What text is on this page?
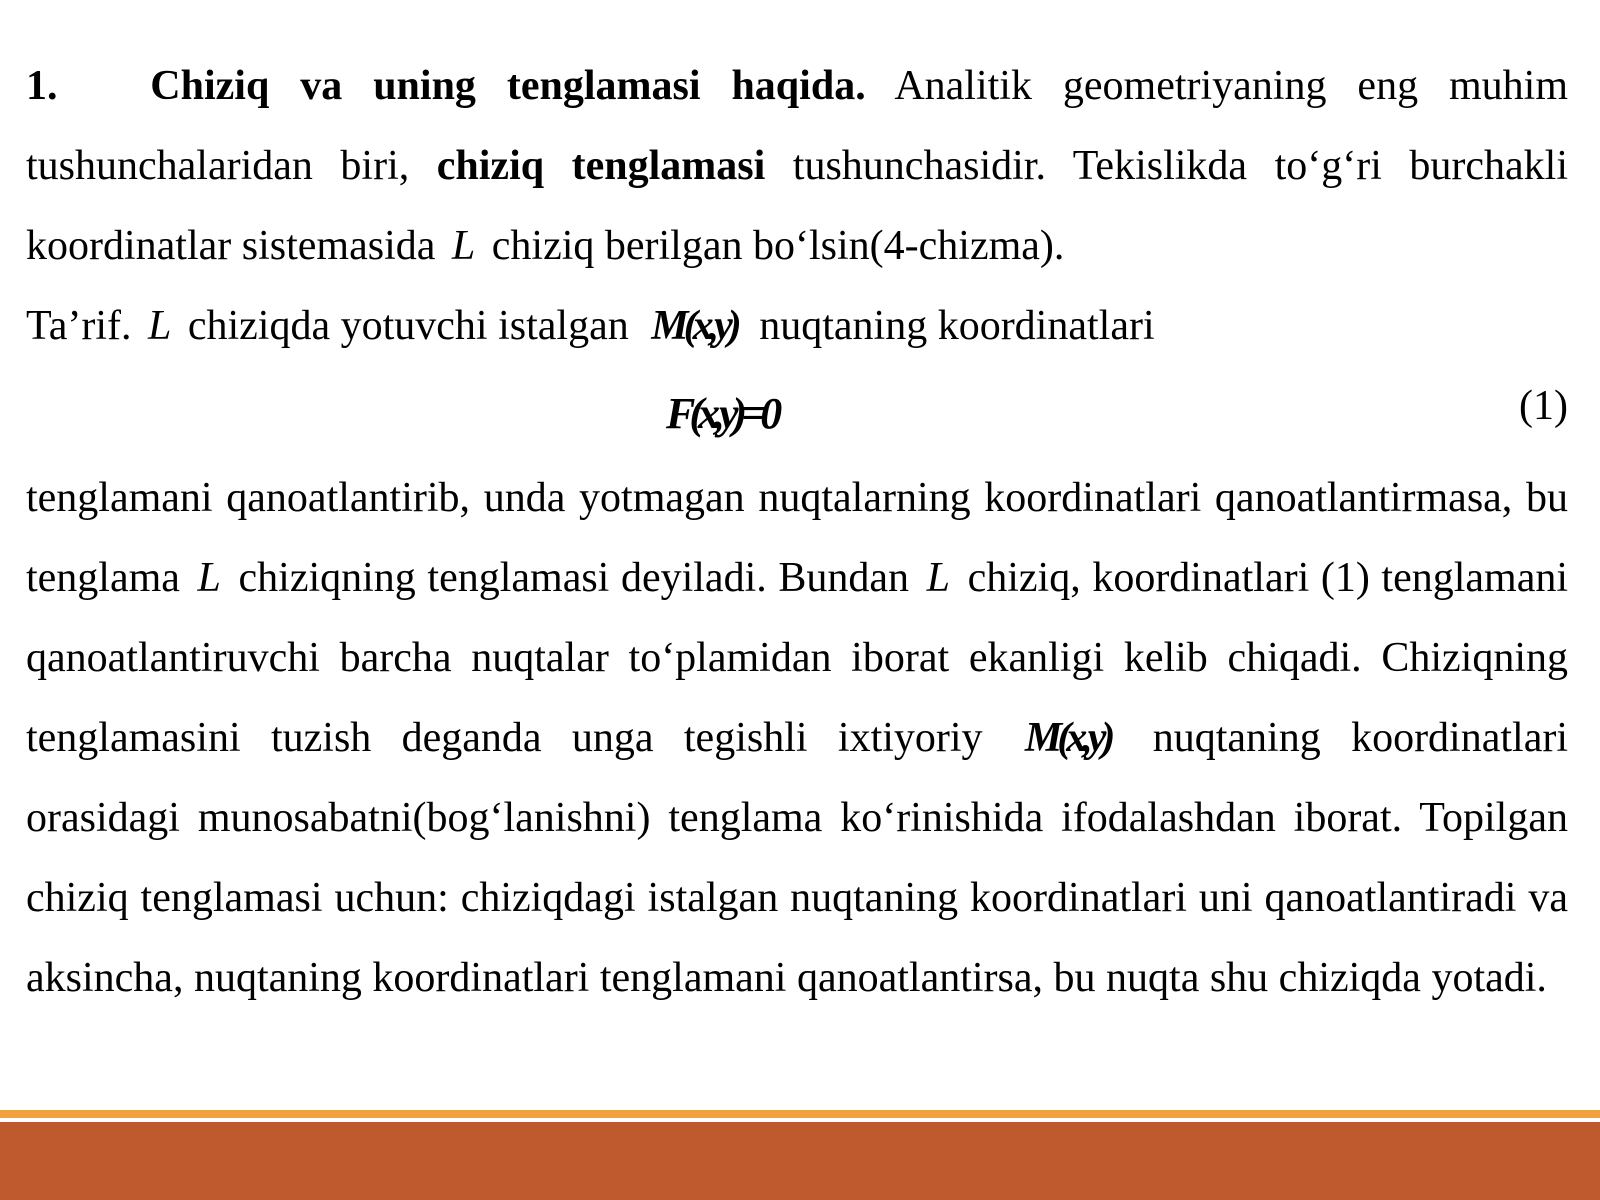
1. Chiziq va uning tenglamasi haqida. Analitik geometriyaning eng muhim tushunchalaridan biri, chiziq tenglamasi tushunchasidir. Tekislikda to‘g‘ri burchakli koordinatlar sistemasida L chiziq berilgan bo‘lsin(4-chizma).

Ta’rif. L chiziqda yotuvchi istalgan M(x,y) nuqtaning koordinatlari

F(x,y)=0	(1)

tenglamani qanoatlantirib, unda yotmagan nuqtalarning koordinatlari qanoatlantirmasa, bu tenglama L chiziqning tenglamasi deyiladi. Bundan L chiziq, koordinatlari (1) tenglamani qanoatlantiruvchi barcha nuqtalar to‘plamidan iborat ekanligi kelib chiqadi. Chiziqning tenglamasini tuzish deganda unga tegishli ixtiyoriy M(x,y) nuqtaning koordinatlari orasidagi munosabatni(bog‘lanishni) tenglama ko‘rinishida ifodalashdan iborat. Topilgan chiziq tenglamasi uchun: chiziqdagi istalgan nuqtaning koordinatlari uni qanoatlantiradi va aksincha, nuqtaning koordinatlari tenglamani qanoatlantirsa, bu nuqta shu chiziqda yotadi.
